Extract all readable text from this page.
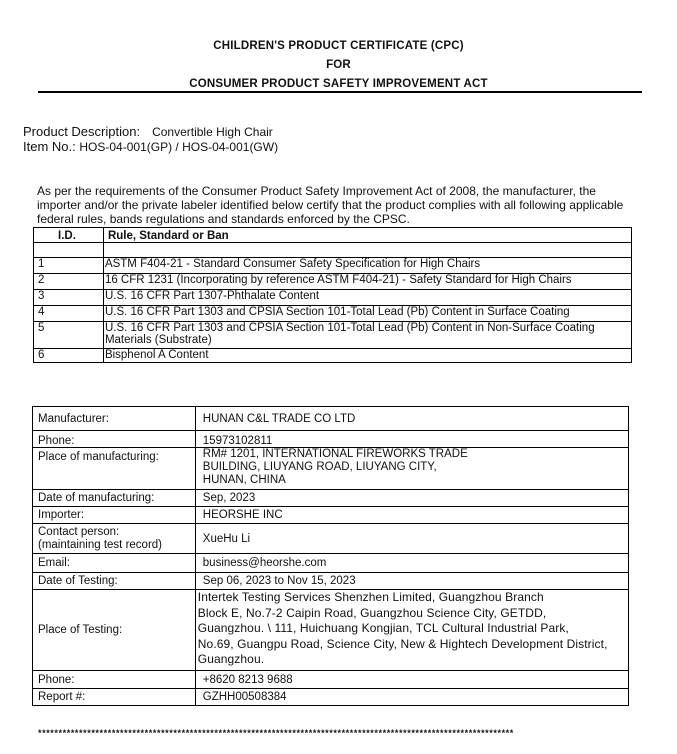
CHILDREN'S PRODUCT CERTIFICATE (CPC)
FOR
CONSUMER PRODUCT SAFETY IMPROVEMENT ACT
Product Description: Convertible High Chair
Item No.: HOS-04-001(GP) / HOS-04-001(GW)
As per the requirements of the Consumer Product Safety Improvement Act of 2008, the manufacturer, the importer and/or the private labeler identified below certify that the product complies with all following applicable federal rules, bands regulations and standards enforced by the CPSC.
I.D.	Rule, Standard or Ban

1	ASTM F404-21 - Standard Consumer Safety Specification for High Chairs
2	16 CFR 1231 (Incorporating by reference ASTM F404-21) - Safety Standard for High Chairs
3	U.S. 16 CFR Part 1307-Phthalate Content
4	U.S. 16 CFR Part 1303 and CPSIA Section 101-Total Lead (Pb) Content in Surface Coating
5	U.S. 16 CFR Part 1303 and CPSIA Section 101-Total Lead (Pb) Content in Non-Surface Coating Materials (Substrate)
6	Bisphenol A Content
Manufacturer:	HUNAN C&L TRADE CO LTD
Phone:	15973102811
Place of manufacturing:	RM# 1201, INTERNATIONAL FIREWORKS TRADE
BUILDING, LIUYANG ROAD, LIUYANG CITY,
HUNAN, CHINA

Date of manufacturing:	Sep, 2023
Importer:	HEORSHE INC

Contact person:
(maintaining test record)	XueHu Li
Email:	business@heorshe.com
Date of Testing:	Sep 06, 2023 to Nov 15, 2023
Place of Testing:	Intertek Testing Services Shenzhen Limited, Guangzhou Branch
Block E, No.7-2 Caipin Road, Guangzhou Science City, GETDD,
Guangzhou. \ 111, Huichuang Kongjian, TCL Cultural Industrial Park,
No.69, Guangpu Road, Science City, New & Hightech Development District,
Guangzhou.

Phone:	+8620 8213 9688
Report #:	GZHH00508384
********************************************************************************************************************
